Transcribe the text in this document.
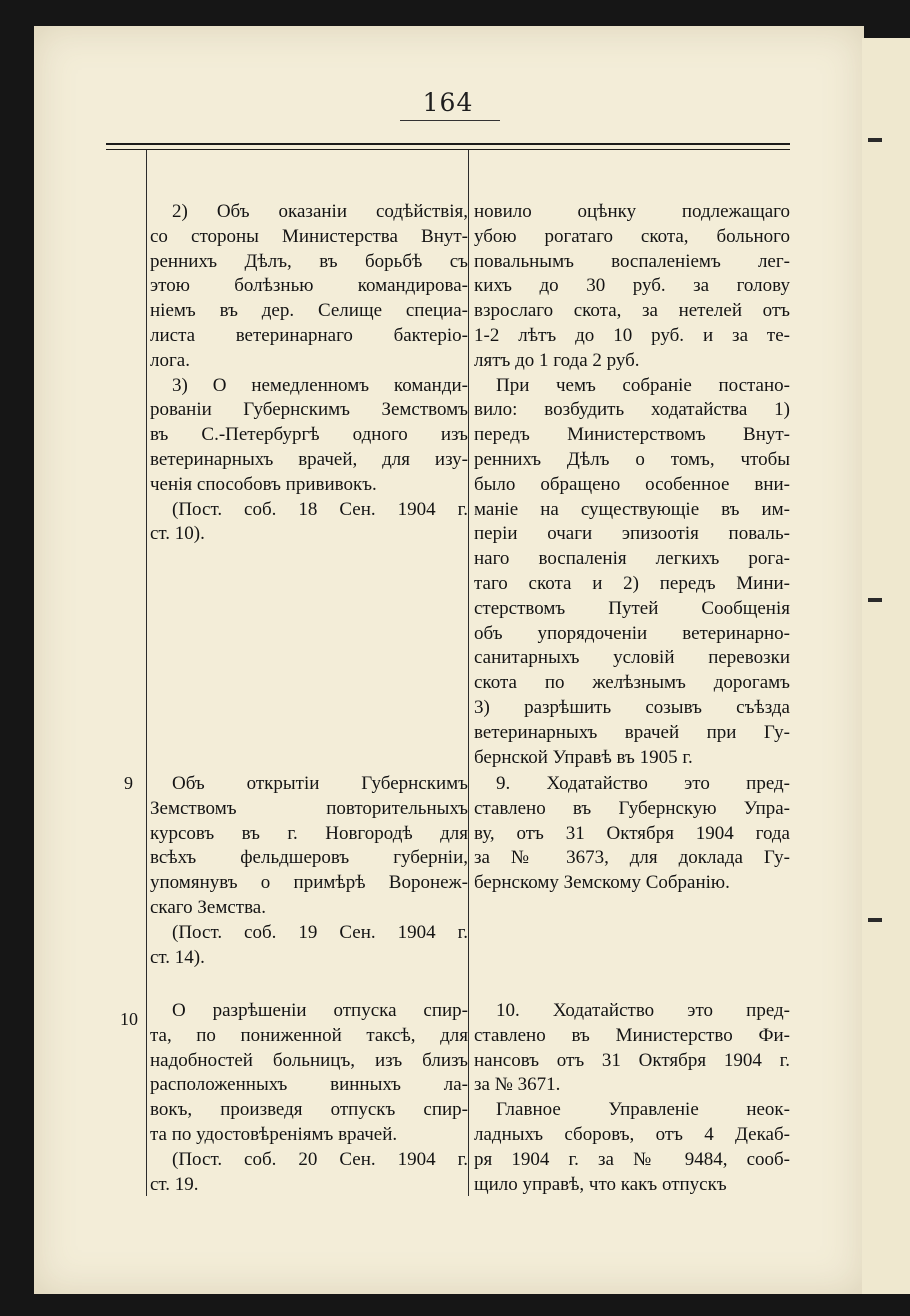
164
9
10
2) Объ оказанiи содѣйствiя,
со стороны Министерства Внут-
реннихъ Дѣлъ, въ борьбѣ съ
этою болѣзнью командирова-
нiемъ въ дер. Селище специа-
листа ветеринарнаго бактерiо-
лога.
3) О немедленномъ команди-
рованiи Губернскимъ Земствомъ
въ С.-Петербургѣ одного изъ
ветеринарныхъ врачей, для изу-
ченiя способовъ прививокъ.
(Пост. соб. 18 Сен. 1904 г.
ст. 10).
новило оцѣнку подлежащаго
убою рогатаго скота, больного
повальнымъ воспаленiемъ лег-
кихъ до 30 руб. за голову
взрослаго скота, за нетелей отъ
1-2 лѣтъ до 10 руб. и за те-
лятъ до 1 года 2 руб.
При чемъ собранiе постано-
вило: возбудить ходатайства 1)
передъ Министерствомъ Внут-
реннихъ Дѣлъ о томъ, чтобы
было обращено особенное вни-
манiе на существующiе въ им-
перiи очаги эпизоотiя поваль-
наго воспаленiя легкихъ рога-
таго скота и 2) передъ Мини-
стерствомъ Путей Сообщенiя
объ упорядоченiи ветеринарно-
санитарныхъ условiй перевозки
скота по желѣзнымъ дорогамъ
3) разрѣшить созывъ съѣзда
ветеринарныхъ врачей при Гу-
бернской Управѣ въ 1905 г.
Объ открытiи Губернскимъ
Земствомъ повторительныхъ
курсовъ въ г. Новгородѣ для
всѣхъ фельдшеровъ губернiи,
упомянувъ о примѣрѣ Воронеж-
скаго Земства.
(Пост. соб. 19 Сен. 1904 г.
ст. 14).
9. Ходатайство это пред-
ставлено въ Губернскую Упра-
ву, отъ 31 Октября 1904 года
за № 3673, для доклада Гу-
бернскому Земскому Собранiю.
О разрѣшенiи отпуска спир-
та, по пониженной таксѣ, для
надобностей больницъ, изъ близъ
расположенныхъ винныхъ ла-
вокъ, произведя отпускъ спир-
та по удостовѣренiямъ врачей.
(Пост. соб. 20 Сен. 1904 г.
ст. 19.
10. Ходатайство это пред-
ставлено въ Министерство Фи-
нансовъ отъ 31 Октября 1904 г.
за № 3671.
Главное Управленiе неок-
ладныхъ сборовъ, отъ 4 Декаб-
ря 1904 г. за № 9484, сооб-
щило управѣ, что какъ отпускъ
